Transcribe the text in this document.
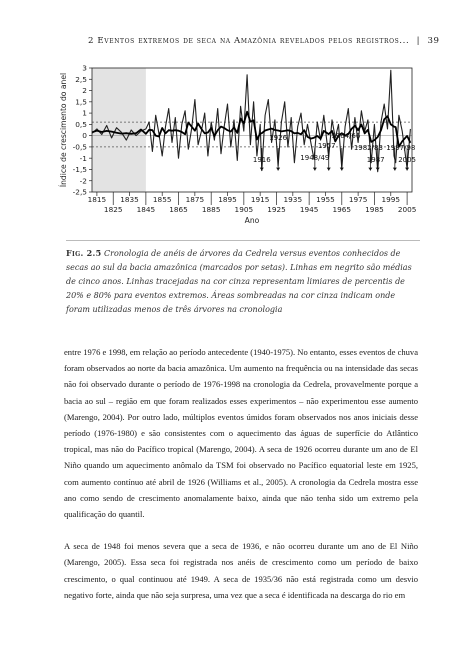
2 Eventos extremos de seca na Amazônia revelados pelos registros... | 39
3
2,5
2
1,5
1
0,5
0
-0,5
-1
-1,5
-2
-2,5
1815 1835 1855 1875 1895 1915 1935 1955 1975 1995
1825 1845 1865 1885 1905 1925 1945 1965 1985 2005
Índice de crescimento do anel
Ano
1926
1916
1957
1964/66
1948/49
1982/83 1997/98
1987 2005
Fig. 2.5 Cronologia de anéis de árvores da Cedrela versus eventos conhecidos de secas ao sul da bacia amazônica (marcados por setas). Linhas em negrito são médias de cinco anos. Linhas tracejadas na cor cinza representam limiares de percentis de 20% e 80% para eventos extremos. Áreas sombreadas na cor cinza indicam onde foram utilizadas menos de três árvores na cronologia

entre 1976 e 1998, em relação ao período antecedente (1940-1975). No entanto, esses eventos de chuva foram observados ao norte da bacia amazônica. Um aumento na frequência ou na intensidade das secas não foi observado durante o período de 1976-1998 na cronologia da Cedrela, provavelmente porque a bacia ao sul – região em que foram realizados esses experimentos – não experimentou esse aumento (Marengo, 2004). Por outro lado, múltiplos eventos úmidos foram observados nos anos iniciais desse período (1976-1980) e são consistentes com o aquecimento das águas de superfície do Atlântico tropical, mas não do Pacífico tropical (Marengo, 2004). A seca de 1926 ocorreu durante um ano de El Niño quando um aquecimento anômalo da TSM foi observado no Pacífico equatorial leste em 1925, com aumento contínuo até abril de 1926 (Williams et al., 2005). A cronologia da Cedrela mostra esse ano como sendo de crescimento anomalamente baixo, ainda que não tenha sido um extremo pela qualificação do quantil.

A seca de 1948 foi menos severa que a seca de 1936, e não ocorreu durante um ano de El Niño (Marengo, 2005). Essa seca foi registrada nos anéis de crescimento como um período de baixo crescimento, o qual continuou até 1949. A seca de 1935/36 não está registrada como um desvio negativo forte, ainda que não seja surpresa, uma vez que a seca é identificada na descarga do rio em
